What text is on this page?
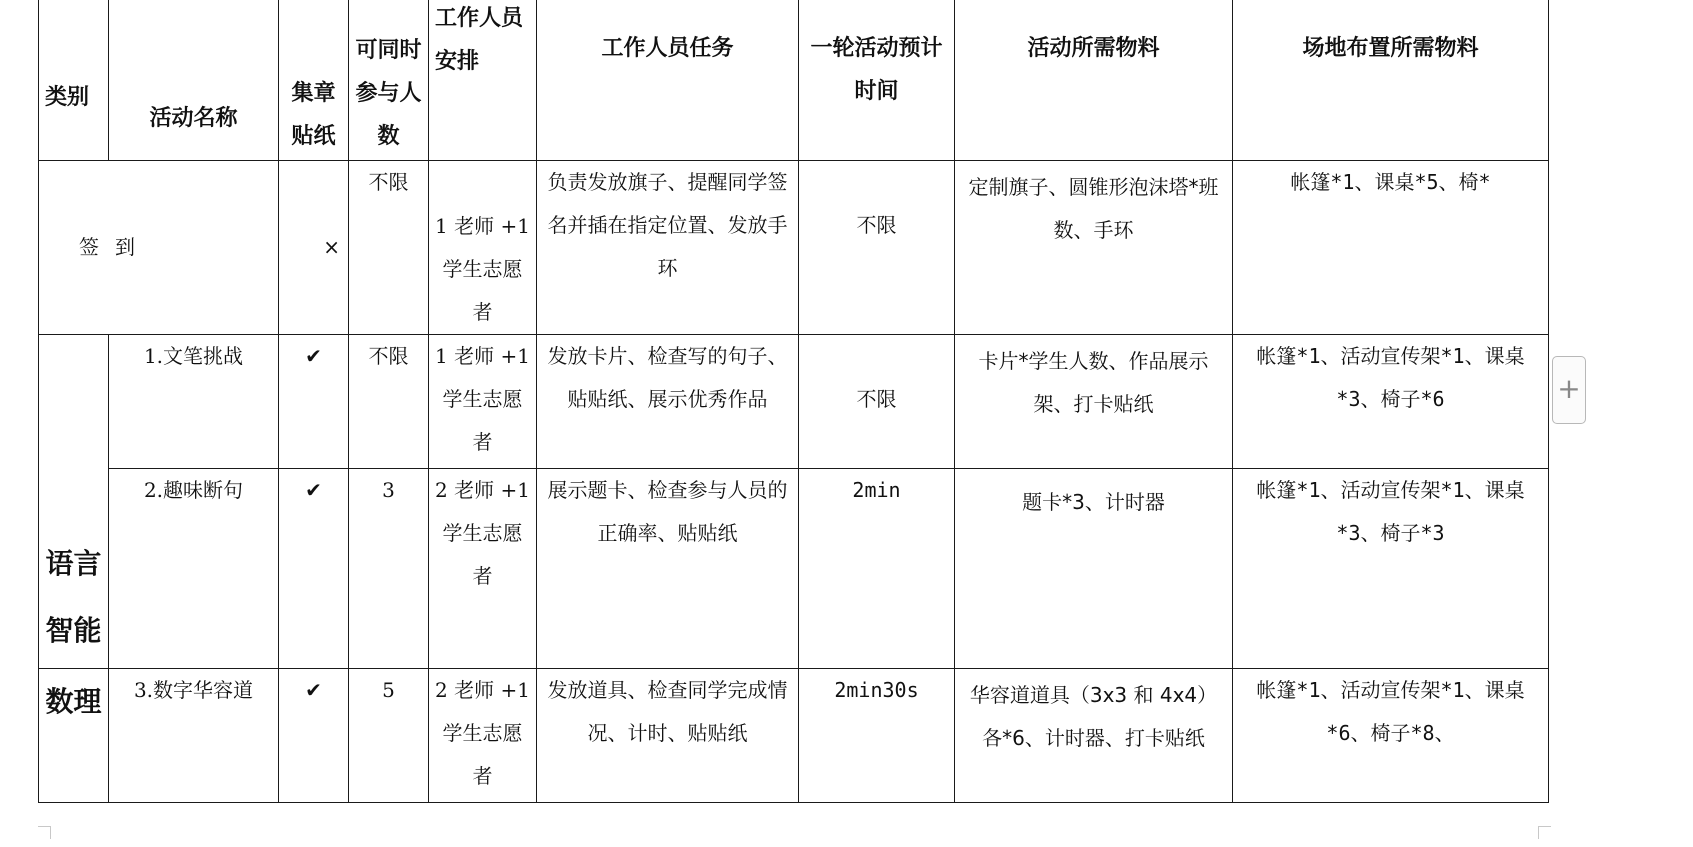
类别	活动名称	集章贴纸	可同时参与人数	工作人员安排	工作人员任务	一轮活动预计时间	活动所需物料	场地布置所需物料

签到		×	不限	1 老师 +1 学生志愿者	负责发放旗子、提醒同学签名并插在指定位置、发放手环	不限	定制旗子、圆锥形泡沫塔*班数、手环	帐篷*1、课桌*5、椅*

语言智能	1.文笔挑战	✔	不限	1 老师 +1 学生志愿者	发放卡片、检查写的句子、贴贴纸、展示优秀作品	不限	卡片*学生人数、作品展示架、打卡贴纸	帐篷*1、活动宣传架*1、课桌*3、椅子*6
	2.趣味断句	✔	3	2 老师 +1 学生志愿者	展示题卡、检查参与人员的正确率、贴贴纸	2min	题卡*3、计时器	帐篷*1、活动宣传架*1、课桌*3、椅子*3
数理	3.数字华容道	✔	5	2 老师 +1 学生志愿者	发放道具、检查同学完成情况、计时、贴贴纸	2min30s	华容道道具（3x3 和 4x4）各*6、计时器、打卡贴纸	帐篷*1、活动宣传架*1、课桌*6、椅子*8、
+
